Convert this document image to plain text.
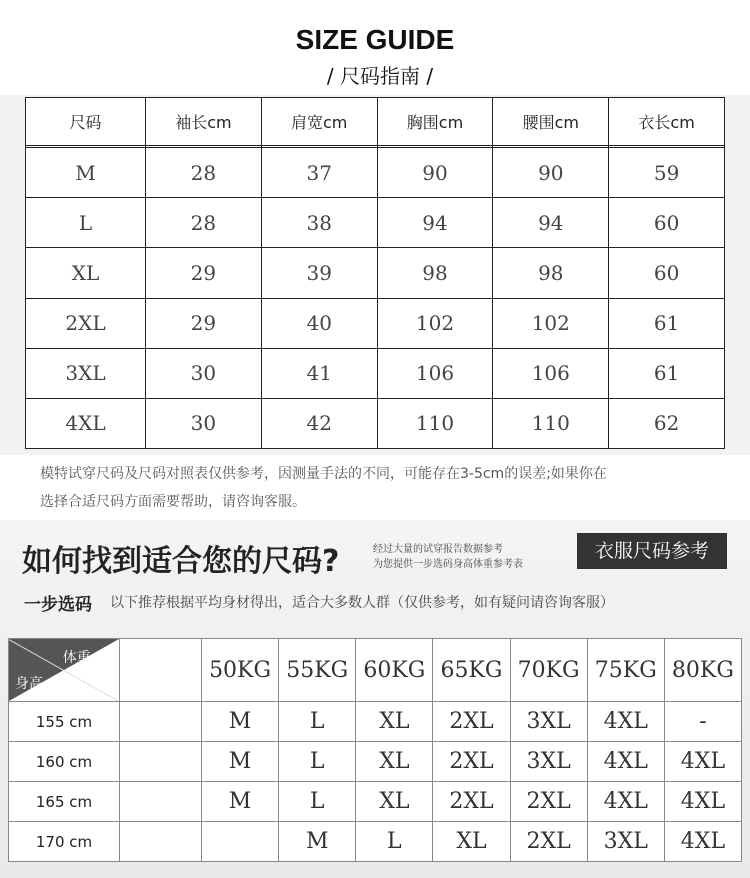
SIZE GUIDE
/ 尺码指南 /
尺码	袖长cm	肩宽cm	胸围cm	腰围cm	衣长cm

M	28	37	90	90	59
L	28	38	94	94	60
XL	29	39	98	98	60
2XL	29	40	102	102	61
3XL	30	41	106	106	61
4XL	30	42	110	110	62
模特试穿尺码及尺码对照表仅供参考，因测量手法的不同，可能存在3-5cm的误差;如果你在
选择合适尺码方面需要帮助，请咨询客服。
如何找到适合您的尺码?	经过大量的试穿报告数据参考
为您提供一步选码身高体重参考表
衣服尺码参考
一步选码 以下推荐根据平均身材得出，适合大多数人群（仅供参考，如有疑问请咨询客服）
体重 (斤)
身高 (cm)		50KG	55KG	60KG	65KG	70KG	75KG	80KG
155 cm		M	L	XL	2XL	3XL	4XL	-
160 cm		M	L	XL	2XL	3XL	4XL	4XL
165 cm		M	L	XL	2XL	2XL	4XL	4XL
170 cm			M	L	XL	2XL	3XL	4XL
